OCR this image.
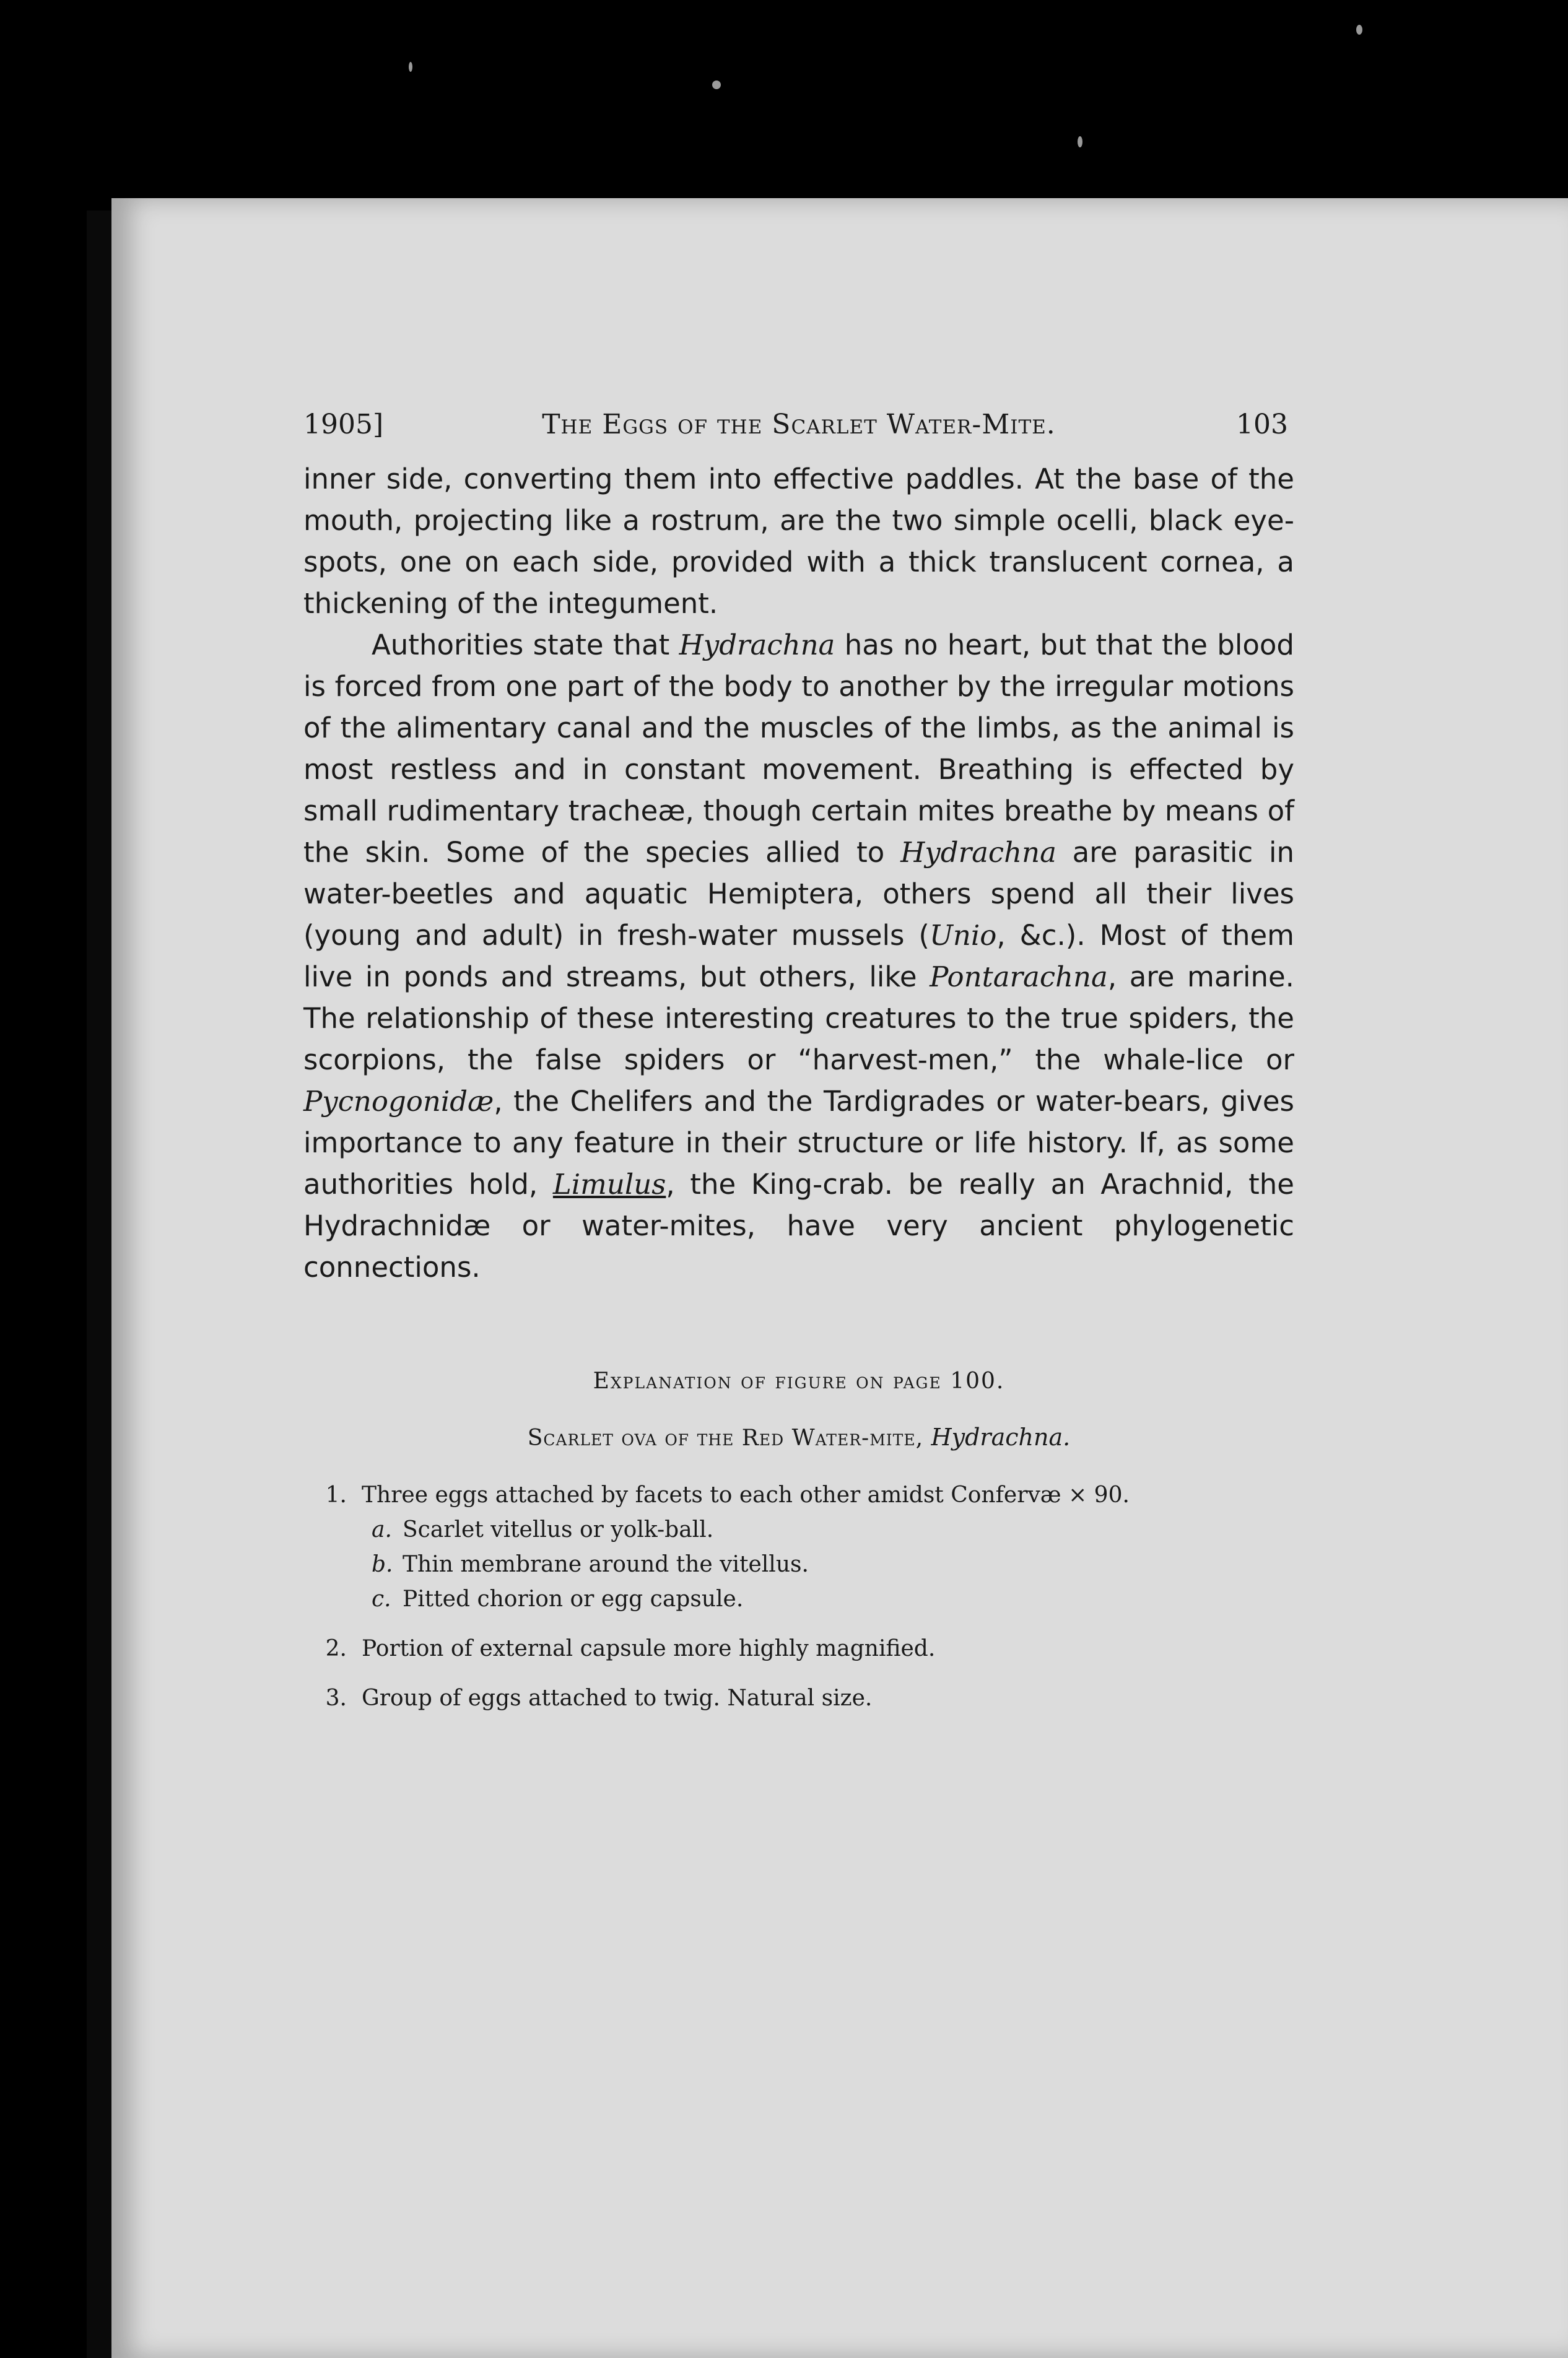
1905]	The Eggs of the Scarlet Water-Mite.	103

inner side, converting them into effective paddles. At the base of the mouth, projecting like a rostrum, are the two simple ocelli, black eye-spots, one on each side, provided with a thick translucent cornea, a thickening of the integument.

Authorities state that Hydrachna has no heart, but that the blood is forced from one part of the body to another by the irregular motions of the alimentary canal and the muscles of the limbs, as the animal is most restless and in constant movement. Breathing is effected by small rudimentary tracheæ, though certain mites breathe by means of the skin. Some of the species allied to Hydrachna are parasitic in water-beetles and aquatic Hemiptera, others spend all their lives (young and adult) in fresh-water mussels (Unio, &c.). Most of them live in ponds and streams, but others, like Pontarachna, are marine. The relationship of these interesting creatures to the true spiders, the scorpions, the false spiders or “harvest-men,” the whale-lice or Pycnogonidæ, the Chelifers and the Tardigrades or water-bears, gives importance to any feature in their structure or life history. If, as some authorities hold, Limulus, the King-crab. be really an Arachnid, the Hydrachnidæ or water-mites, have very ancient phylogenetic connections.

Explanation of figure on page 100.
Scarlet ova of the Red Water-mite, Hydrachna.
1. Three eggs attached by facets to each other amidst Confervæ × 90.
a. Scarlet vitellus or yolk-ball.
b. Thin membrane around the vitellus.
c. Pitted chorion or egg capsule.
2. Portion of external capsule more highly magnified.
3. Group of eggs attached to twig. Natural size.
